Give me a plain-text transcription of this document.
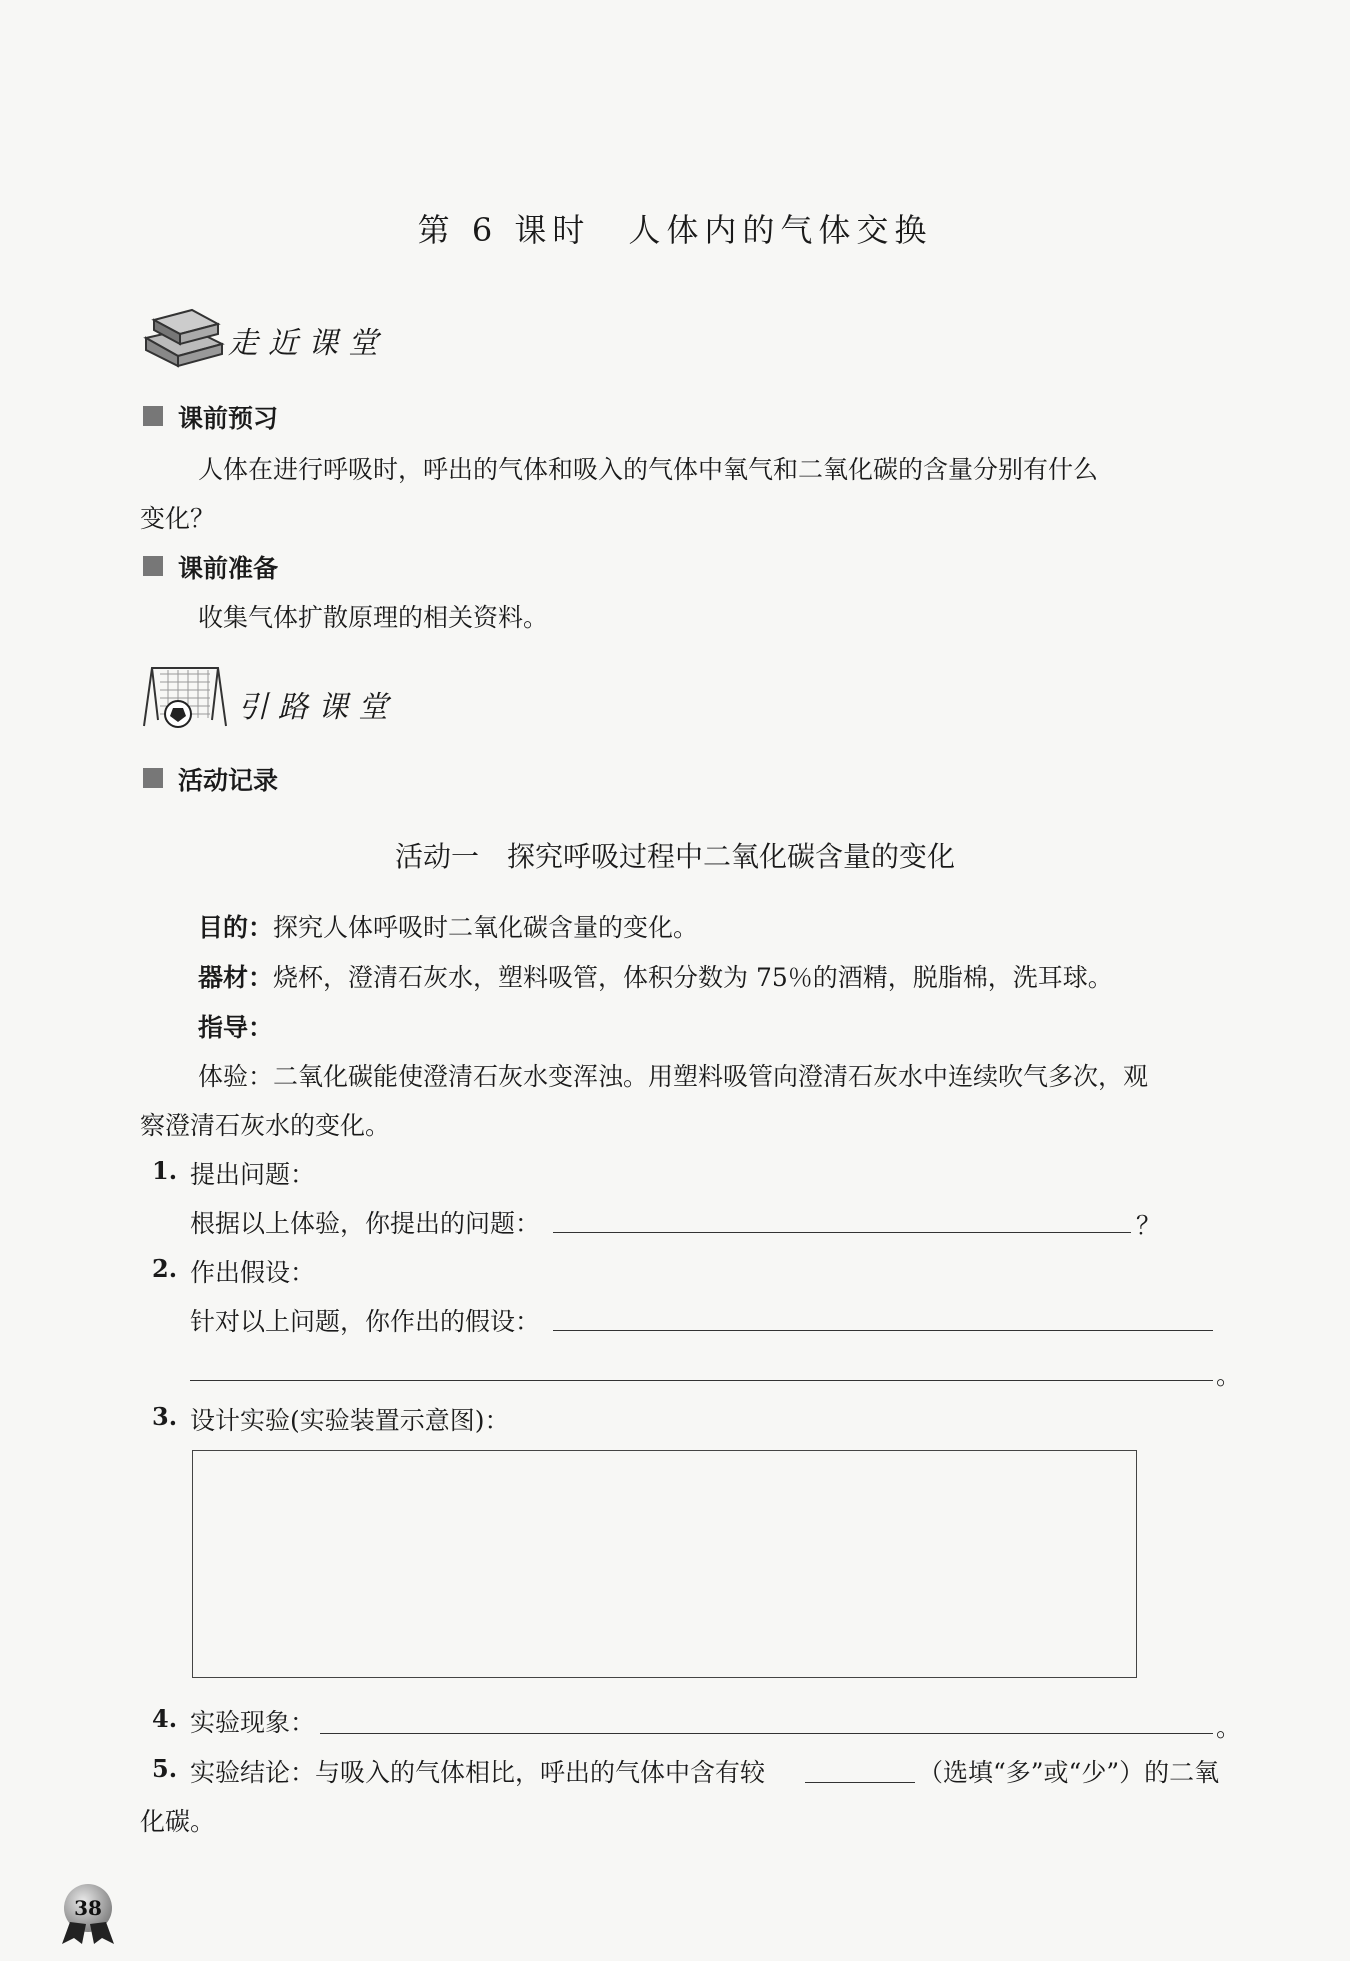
第 6 课时　人体内的气体交换
走近课堂
课前预习
人体在进行呼吸时，呼出的气体和吸入的气体中氧气和二氧化碳的含量分别有什么
变化？
课前准备
收集气体扩散原理的相关资料。
引路课堂
活动记录
活动一　探究呼吸过程中二氧化碳含量的变化
目的：探究人体呼吸时二氧化碳含量的变化。
器材：烧杯，澄清石灰水，塑料吸管，体积分数为 75％的酒精，脱脂棉，洗耳球。
指导：
体验：二氧化碳能使澄清石灰水变浑浊。用塑料吸管向澄清石灰水中连续吹气多次，观
察澄清石灰水的变化。
1. 提出问题：
根据以上体验，你提出的问题：	？
2. 作出假设：
针对以上问题，你作出的假设：
。
3. 设计实验(实验装置示意图)：
4. 实验现象：	。
5. 实验结论：与吸入的气体相比，呼出的气体中含有较	（选填“多”或“少”）的二氧
化碳。
38
